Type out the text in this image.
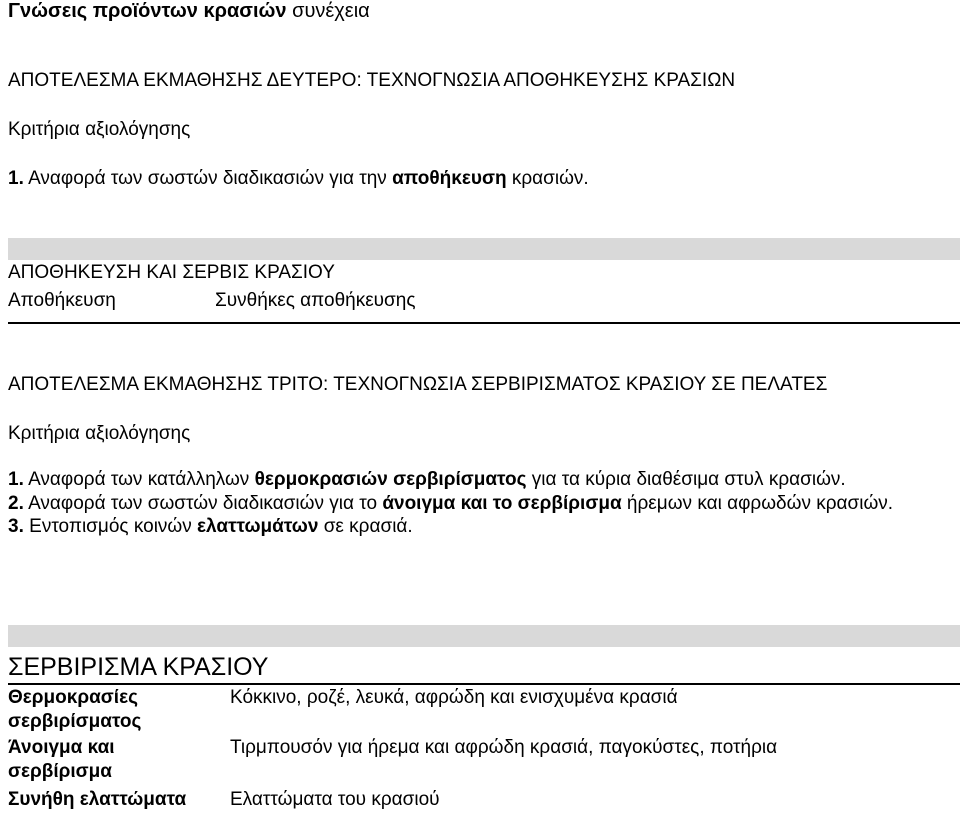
Γνώσεις προϊόντων κρασιών συνέχεια
ΑΠΟΤΕΛΕΣΜΑ ΕΚΜΑΘΗΣΗΣ ΔΕΥΤΕΡΟ: ΤΕΧΝΟΓΝΩΣΙΑ ΑΠΟΘΗΚΕΥΣΗΣ ΚΡΑΣΙΩΝ
Κριτήρια αξιολόγησης
1. Αναφορά των σωστών διαδικασιών για την αποθήκευση κρασιών.
ΑΠΟΘΗΚΕΥΣΗ ΚΑΙ ΣΕΡΒΙΣ ΚΡΑΣΙΟΥ
Αποθήκευση	Συνθήκες αποθήκευσης
ΑΠΟΤΕΛΕΣΜΑ ΕΚΜΑΘΗΣΗΣ ΤΡΙΤΟ: ΤΕΧΝΟΓΝΩΣΙΑ ΣΕΡΒΙΡΙΣΜΑΤΟΣ ΚΡΑΣΙΟΥ ΣΕ ΠΕΛΑΤΕΣ
Κριτήρια αξιολόγησης

1. Αναφορά των κατάλληλων θερμοκρασιών σερβιρίσματος για τα κύρια διαθέσιμα στυλ κρασιών.

2. Αναφορά των σωστών διαδικασιών για το άνοιγμα και το σερβίρισμα ήρεμων και αφρωδών κρασιών.

3. Εντοπισμός κοινών ελαττωμάτων σε κρασιά.

ΣΕΡΒΙΡΙΣΜΑ ΚΡΑΣΙΟΥ
Θερμοκρασίες σερβιρίσματος
Κόκκινο, ροζέ, λευκά, αφρώδη και ενισχυμένα κρασιά
Άνοιγμα και σερβίρισμα
Τιρμπουσόν για ήρεμα και αφρώδη κρασιά, παγοκύστες, ποτήρια
Συνήθη ελαττώματα	Ελαττώματα του κρασιού
